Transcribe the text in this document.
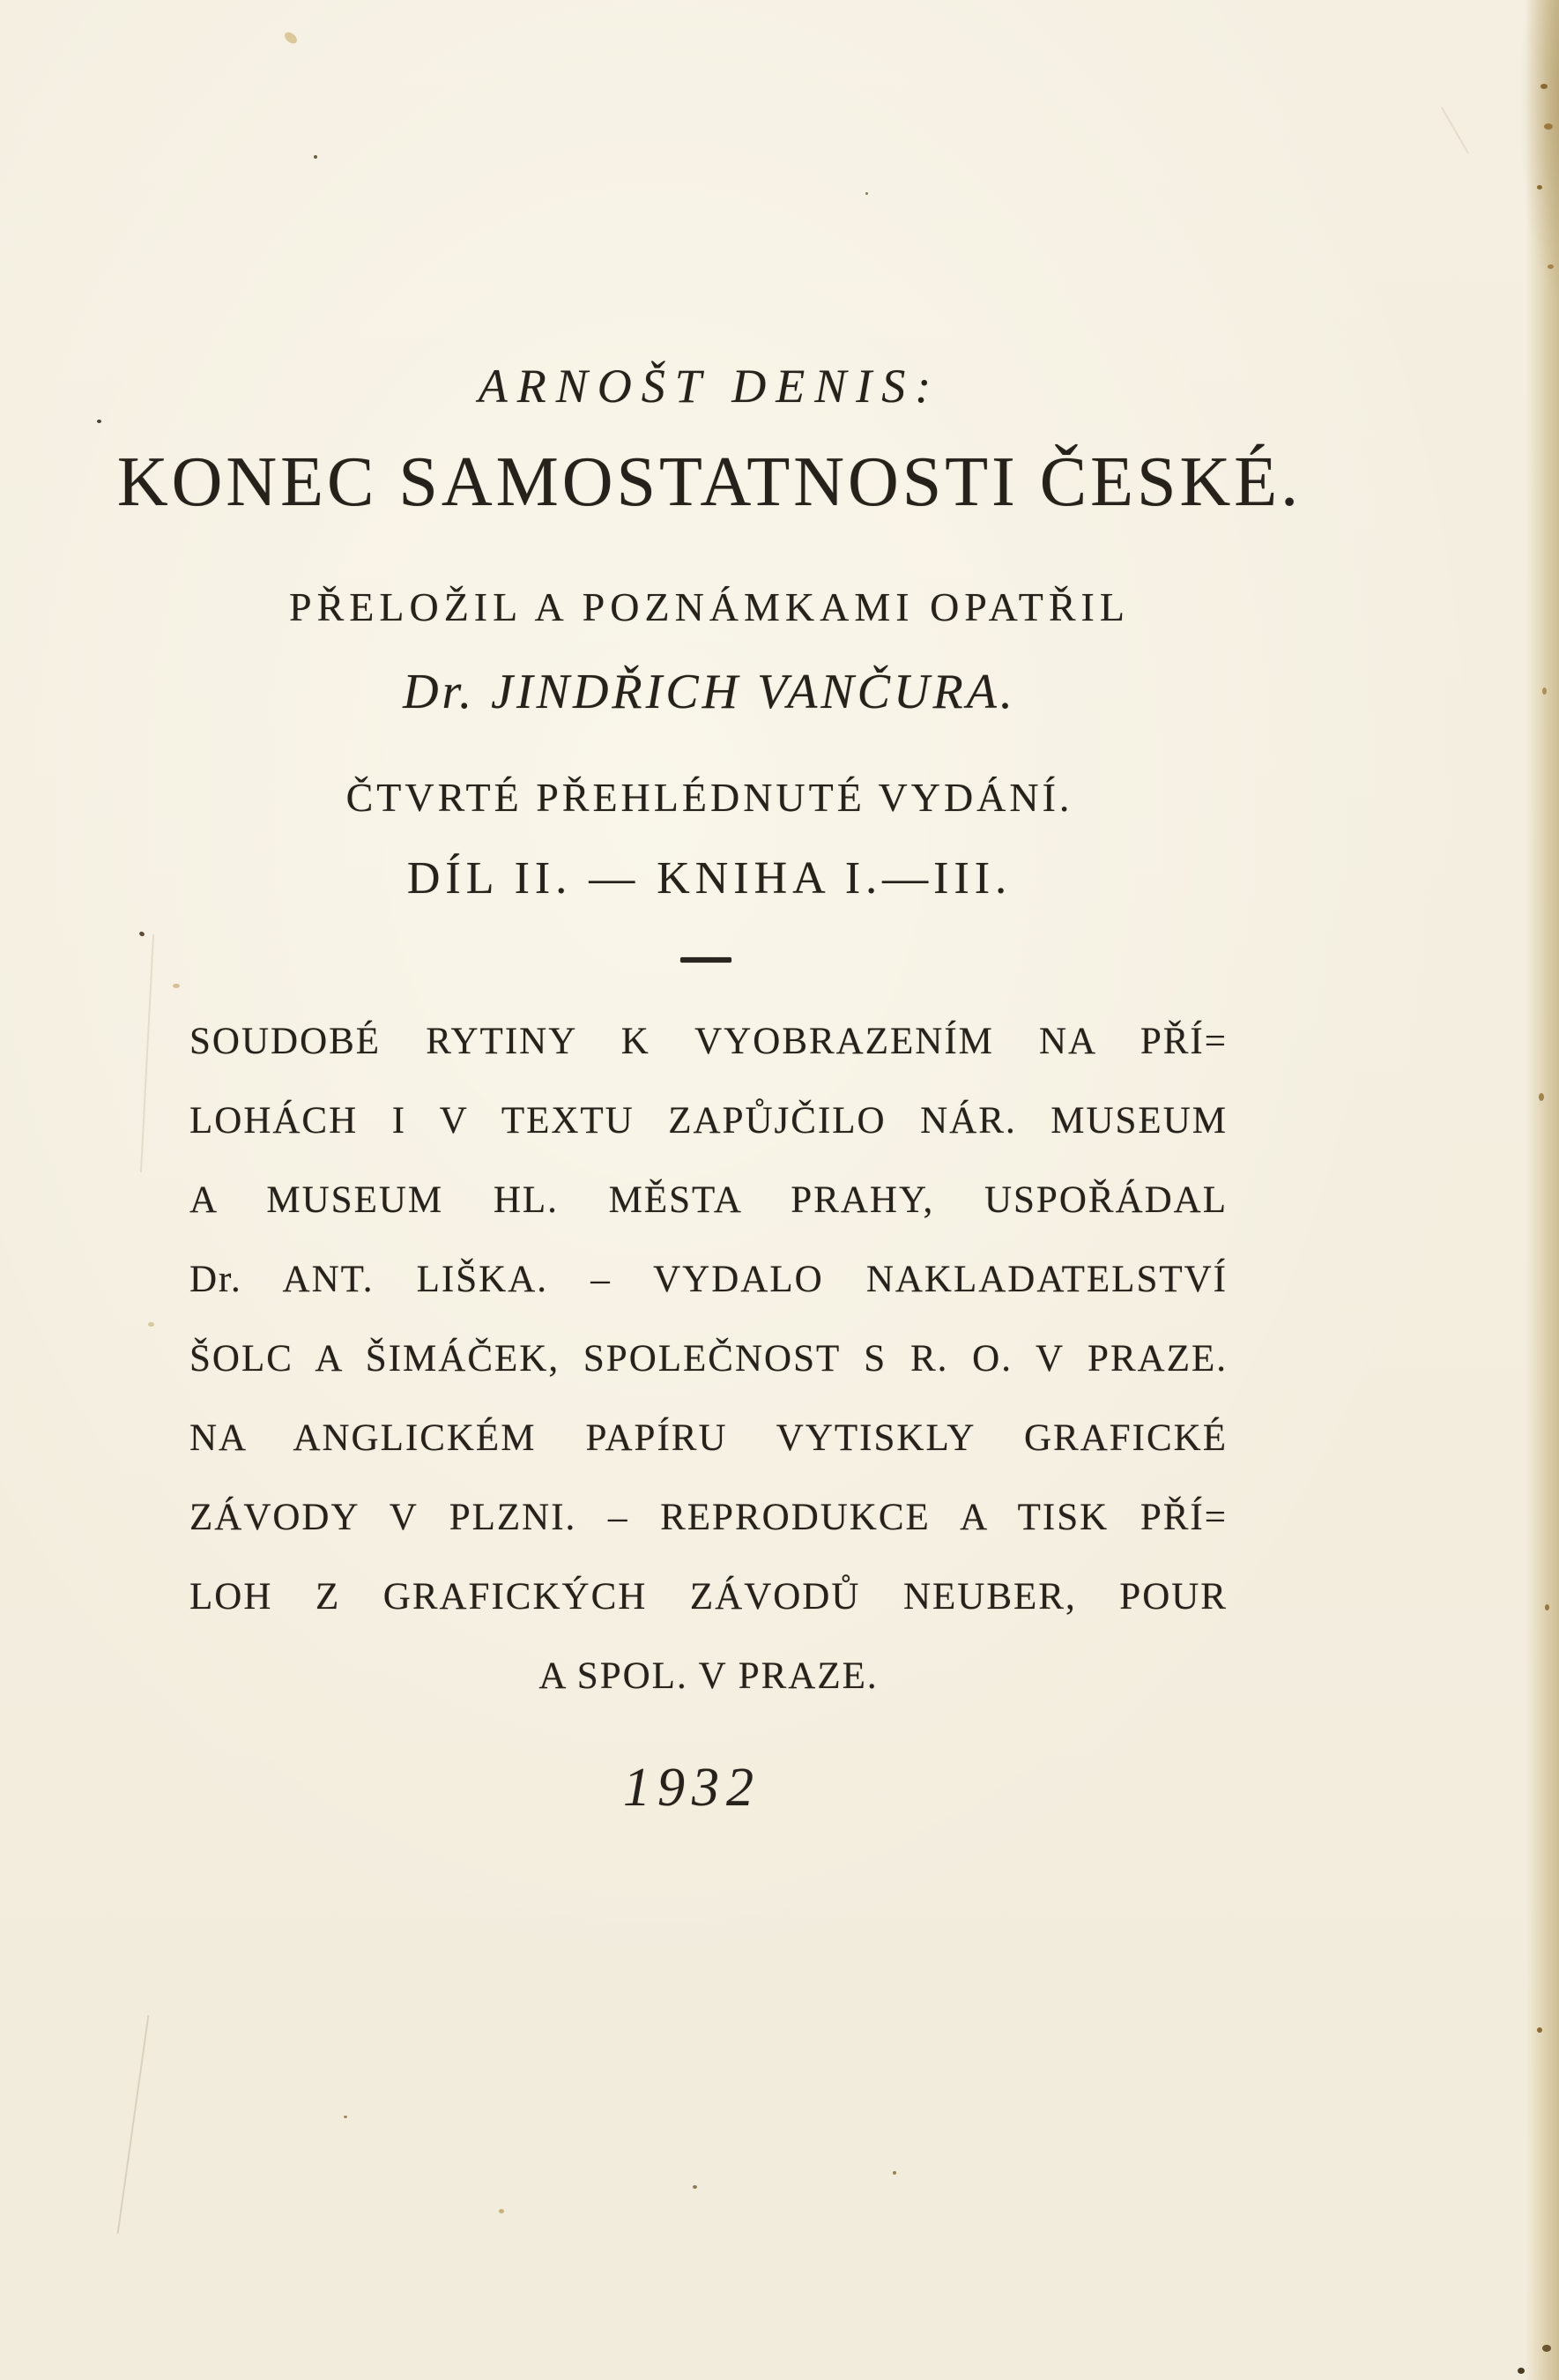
ARNOŠT DENIS:
KONEC SAMOSTATNOSTI ČESKÉ.
PŘELOŽIL A POZNÁMKAMI OPATŘIL
Dr. JINDŘICH VANČURA.
ČTVRTÉ PŘEHLÉDNUTÉ VYDÁNÍ.
DÍL II. — KNIHA I.—III.
SOUDOBÉ RYTINY K VYOBRAZENÍM NA PŘÍ=
LOHÁCH I V TEXTU ZAPŮJČILO NÁR. MUSEUM
A MUSEUM HL. MĚSTA PRAHY, USPOŘÁDAL
Dr. ANT. LIŠKA. – VYDALO NAKLADATELSTVÍ
ŠOLC A ŠIMÁČEK, SPOLEČNOST S R. O. V PRAZE.
NA ANGLICKÉM PAPÍRU VYTISKLY GRAFICKÉ
ZÁVODY V PLZNI. – REPRODUKCE A TISK PŘÍ=
LOH Z GRAFICKÝCH ZÁVODŮ NEUBER, POUR
A SPOL. V PRAZE.
1932
